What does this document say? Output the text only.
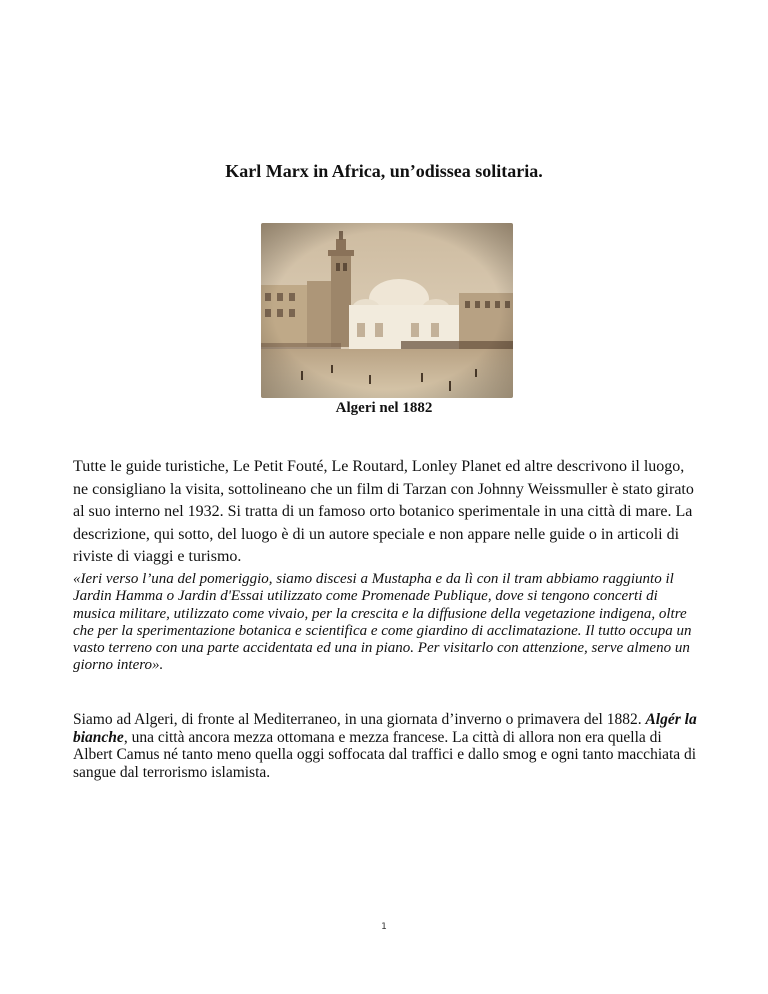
Karl Marx in Africa, un’odissea solitaria.
Algeri nel 1882
Tutte le guide turistiche, Le Petit Fouté, Le Routard, Lonley Planet ed altre descrivono il luogo, ne consigliano la visita, sottolineano che un film di Tarzan con Johnny Weissmuller è stato girato al suo interno nel 1932. Si tratta di un famoso orto botanico sperimentale in una città di mare. La descrizione, qui sotto, del luogo è di un autore speciale e non appare nelle guide o in articoli di riviste di viaggi e turismo.
«Ieri verso l’una del pomeriggio, siamo discesi a Mustapha e da lì con il tram abbiamo raggiunto il Jardin Hamma o Jardin d'Essai utilizzato come Promenade Publique, dove si tengono concerti di musica militare, utilizzato come vivaio, per la crescita e la diffusione della vegetazione indigena, oltre che per la sperimentazione botanica e scientifica e come giardino di acclimatazione. Il tutto occupa un vasto terreno con una parte accidentata ed una in piano. Per visitarlo con attenzione, serve almeno un giorno intero».
Siamo ad Algeri, di fronte al Mediterraneo, in una giornata d’inverno o primavera del 1882. Algér la bianche, una città ancora mezza ottomana e mezza francese. La città di allora non era quella di Albert Camus né tanto meno quella oggi soffocata dal traffici e dallo smog e ogni tanto macchiata di sangue dal terrorismo islamista.
1
